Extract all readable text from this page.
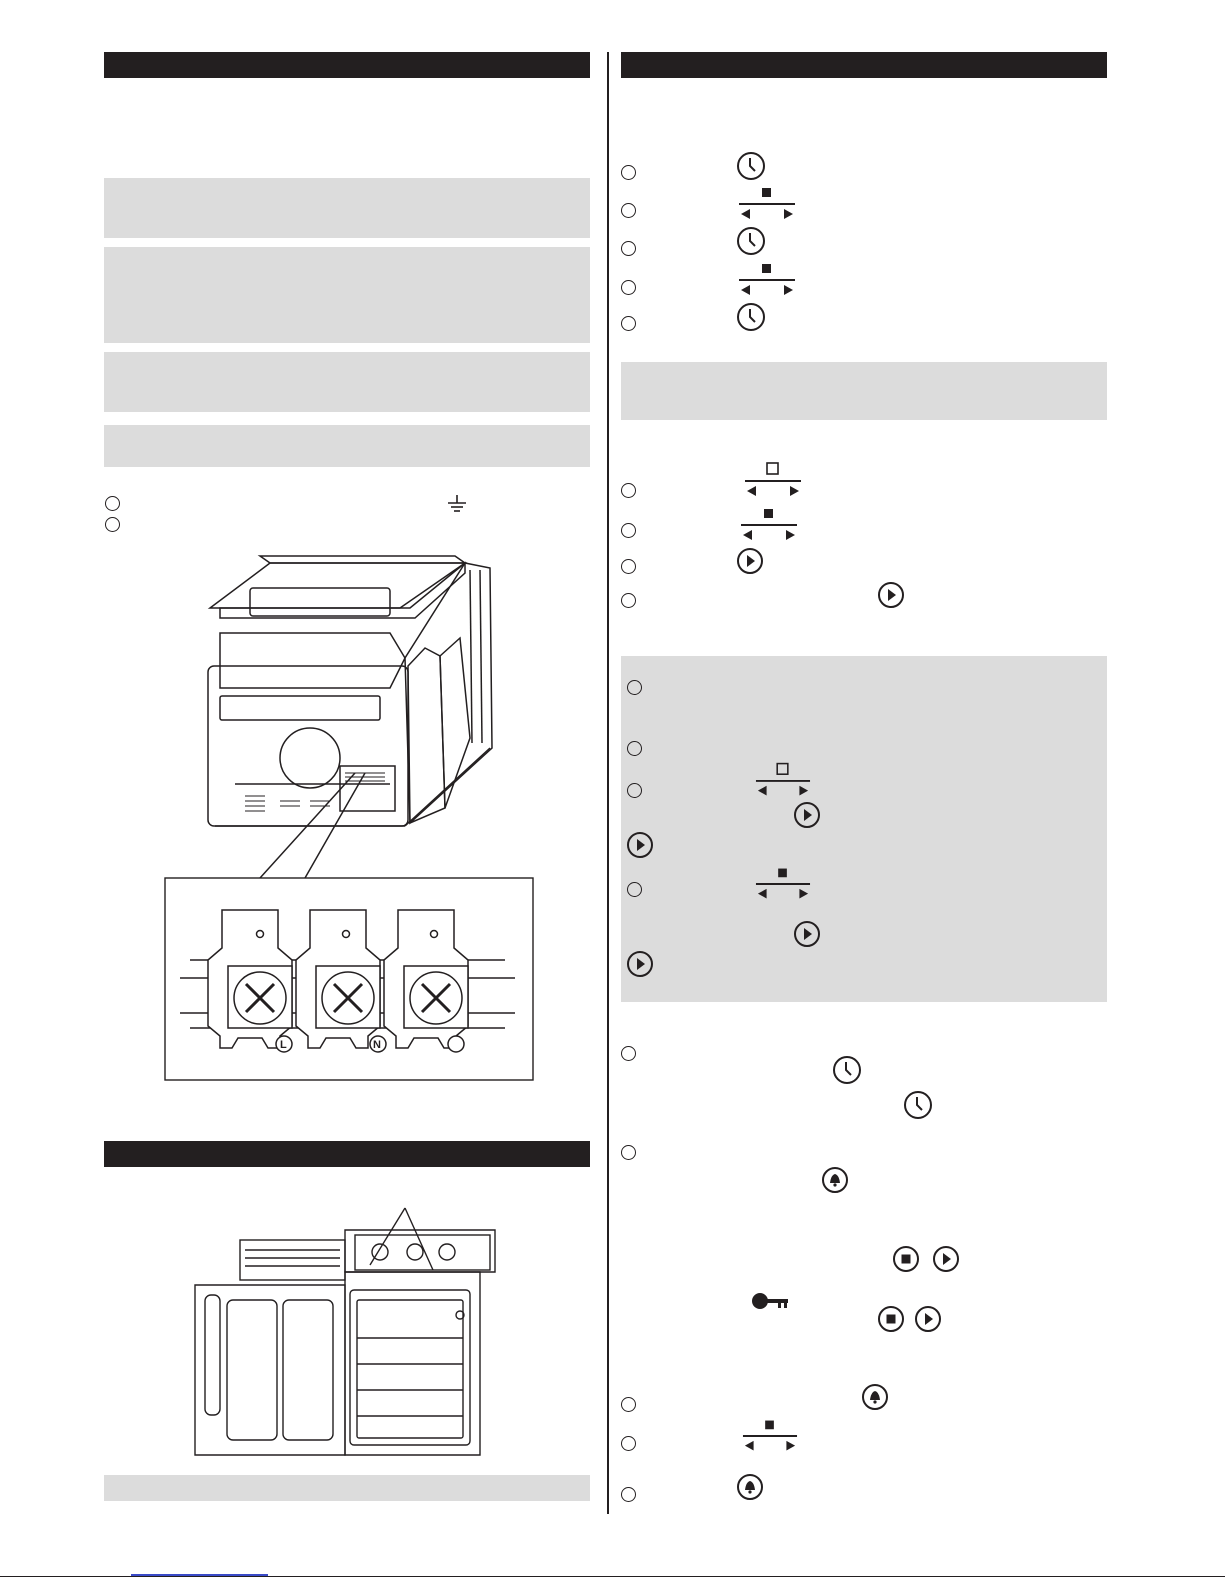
L	N
